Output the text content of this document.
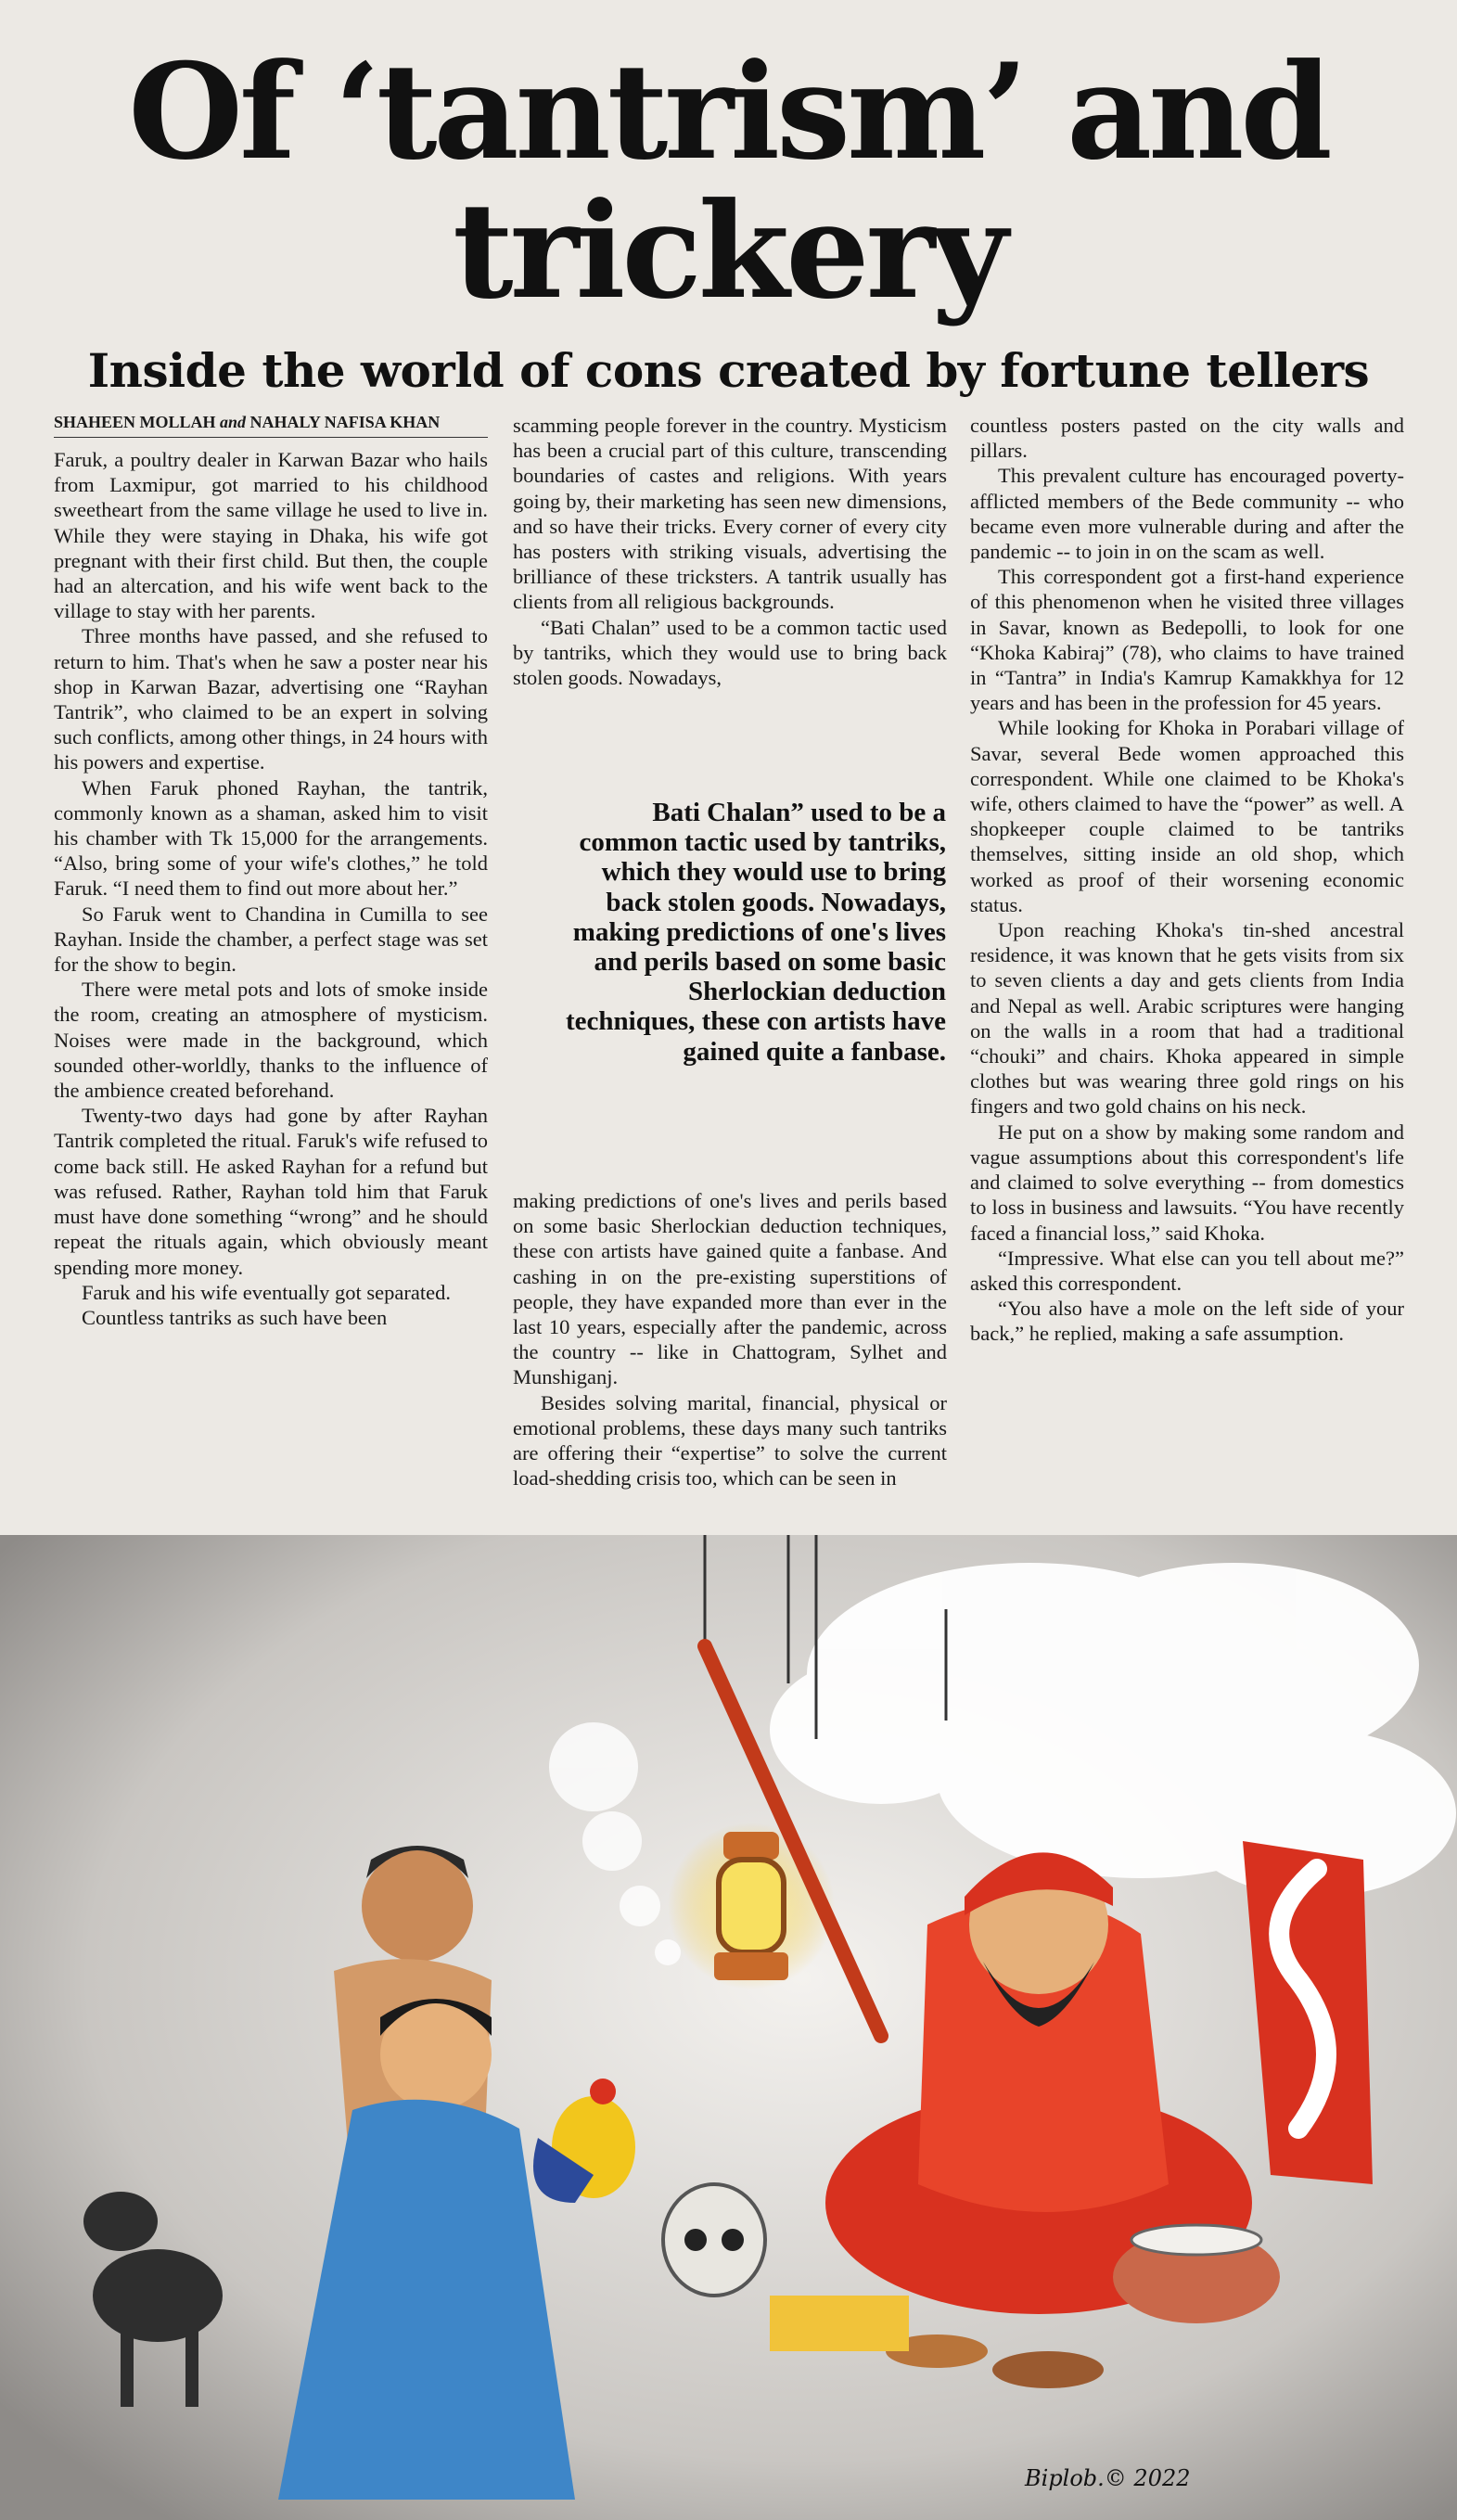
Of ‘tantrism’ and
trickery
Inside the world of cons created by fortune tellers
SHAHEEN MOLLAH and NAHALY NAFISA KHAN

Faruk, a poultry dealer in Karwan Bazar who hails from Laxmipur, got married to his childhood sweetheart from the same village he used to live in. While they were staying in Dhaka, his wife got pregnant with their first child. But then, the couple had an altercation, and his wife went back to the village to stay with her parents.

Three months have passed, and she refused to return to him. That's when he saw a poster near his shop in Karwan Bazar, advertising one “Rayhan Tantrik”, who claimed to be an expert in solving such conflicts, among other things, in 24 hours with his powers and expertise.

When Faruk phoned Rayhan, the tantrik, commonly known as a shaman, asked him to visit his chamber with Tk 15,000 for the arrangements. “Also, bring some of your wife's clothes,” he told Faruk. “I need them to find out more about her.”

So Faruk went to Chandina in Cumilla to see Rayhan. Inside the chamber, a perfect stage was set for the show to begin.

There were metal pots and lots of smoke inside the room, creating an atmosphere of mysticism. Noises were made in the background, which sounded other-worldly, thanks to the influence of the ambience created beforehand.

Twenty-two days had gone by after Rayhan Tantrik completed the ritual. Faruk's wife refused to come back still. He asked Rayhan for a refund but was refused. Rather, Rayhan told him that Faruk must have done something “wrong” and he should repeat the rituals again, which obviously meant spending more money.

Faruk and his wife eventually got separated.

Countless tantriks as such have been

scamming people forever in the country. Mysticism has been a crucial part of this culture, transcending boundaries of castes and religions. With years going by, their marketing has seen new dimensions, and so have their tricks. Every corner of every city has posters with striking visuals, advertising the brilliance of these tricksters. A tantrik usually has clients from all religious backgrounds.

“Bati Chalan” used to be a common tactic used by tantriks, which they would use to bring back stolen goods. Nowadays,

Bati Chalan” used to be a common tactic used by tantriks, which they would use to bring back stolen goods. Nowadays, making predictions of one's lives and perils based on some basic Sherlockian deduction techniques, these con artists have gained quite a fanbase.

making predictions of one's lives and perils based on some basic Sherlockian deduction techniques, these con artists have gained quite a fanbase. And cashing in on the pre-existing superstitions of people, they have expanded more than ever in the last 10 years, especially after the pandemic, across the country -- like in Chattogram, Sylhet and Munshiganj.

Besides solving marital, financial, physical or emotional problems, these days many such tantriks are offering their “expertise” to solve the current load-shedding crisis too, which can be seen in

countless posters pasted on the city walls and pillars.

This prevalent culture has encouraged poverty-afflicted members of the Bede community -- who became even more vulnerable during and after the pandemic -- to join in on the scam as well.

This correspondent got a first-hand experience of this phenomenon when he visited three villages in Savar, known as Bedepolli, to look for one “Khoka Kabiraj” (78), who claims to have trained in “Tantra” in India's Kamrup Kamakkhya for 12 years and has been in the profession for 45 years.

While looking for Khoka in Porabari village of Savar, several Bede women approached this correspondent. While one claimed to be Khoka's wife, others claimed to have the “power” as well. A shopkeeper couple claimed to be tantriks themselves, sitting inside an old shop, which worked as proof of their worsening economic status.

Upon reaching Khoka's tin-shed ancestral residence, it was known that he gets visits from six to seven clients a day and gets clients from India and Nepal as well. Arabic scriptures were hanging on the walls in a room that had a traditional “chouki” and chairs. Khoka appeared in simple clothes but was wearing three gold rings on his fingers and two gold chains on his neck.

He put on a show by making some random and vague assumptions about this correspondent's life and claimed to solve everything -- from domestics to loss in business and lawsuits. “You have recently faced a financial loss,” said Khoka.

“Impressive. What else can you tell about me?” asked this correspondent.

“You also have a mole on the left side of your back,” he replied, making a safe assumption.

Biplob.© 2022
